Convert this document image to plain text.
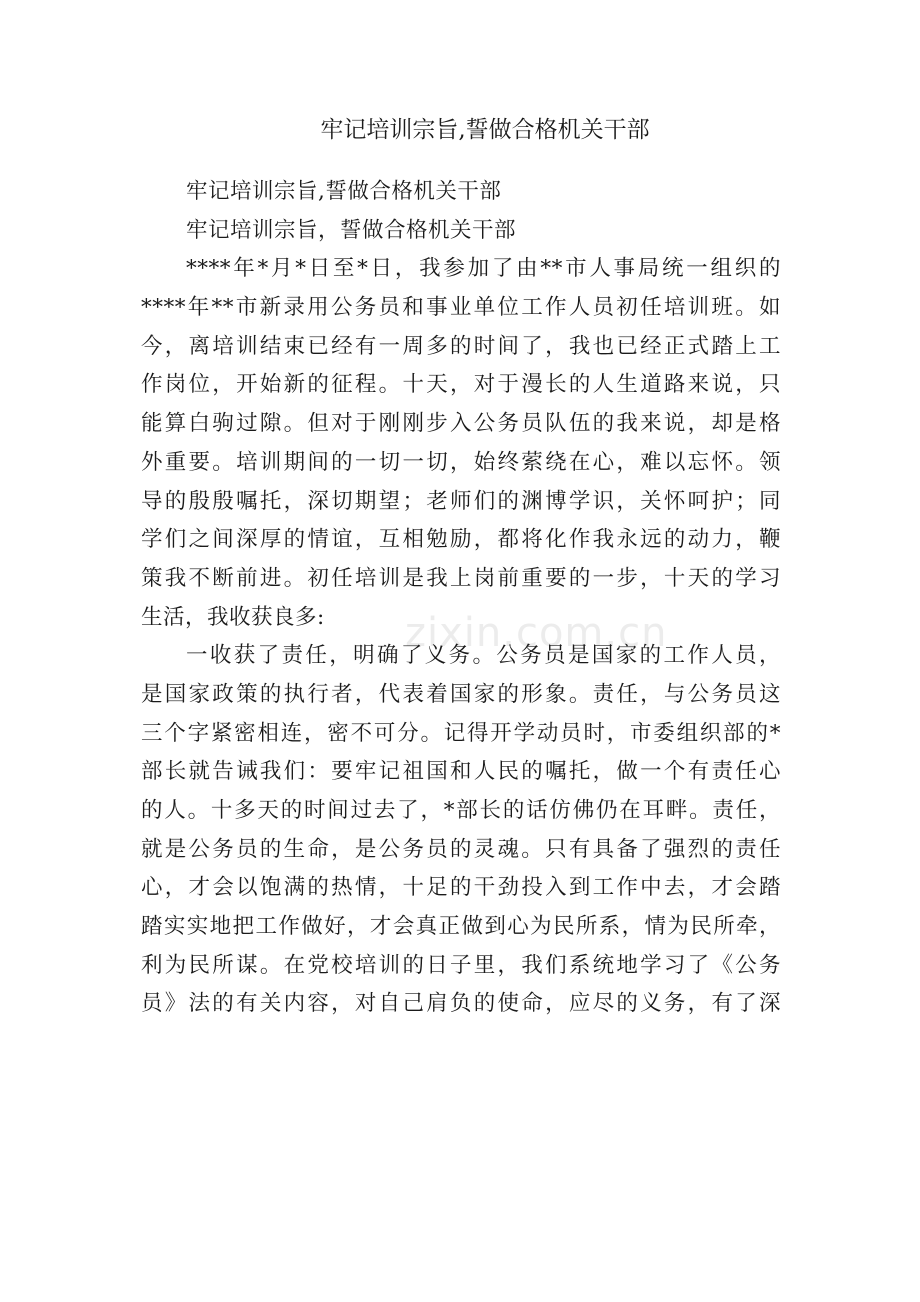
牢记培训宗旨,誓做合格机关干部
zixin.com.cn
牢记培训宗旨,誓做合格机关干部
牢记培训宗旨，誓做合格机关干部
****年*月*日至*日，我参加了由**市人事局统一组织的
****年**市新录用公务员和事业单位工作人员初任培训班。如
今，离培训结束已经有一周多的时间了，我也已经正式踏上工
作岗位，开始新的征程。十天，对于漫长的人生道路来说，只
能算白驹过隙。但对于刚刚步入公务员队伍的我来说，却是格
外重要。培训期间的一切一切，始终萦绕在心，难以忘怀。领
导的殷殷嘱托，深切期望；老师们的渊博学识，关怀呵护；同
学们之间深厚的情谊，互相勉励，都将化作我永远的动力，鞭
策我不断前进。初任培训是我上岗前重要的一步，十天的学习
生活，我收获良多:
一收获了责任，明确了义务。公务员是国家的工作人员，
是国家政策的执行者，代表着国家的形象。责任，与公务员这
三个字紧密相连，密不可分。记得开学动员时，市委组织部的*
部长就告诫我们：要牢记祖国和人民的嘱托，做一个有责任心
的人。十多天的时间过去了，*部长的话仿佛仍在耳畔。责任，
就是公务员的生命，是公务员的灵魂。只有具备了强烈的责任
心，才会以饱满的热情，十足的干劲投入到工作中去，才会踏
踏实实地把工作做好，才会真正做到心为民所系，情为民所牵，
利为民所谋。在党校培训的日子里，我们系统地学习了《公务
员》法的有关内容，对自己肩负的使命，应尽的义务，有了深
